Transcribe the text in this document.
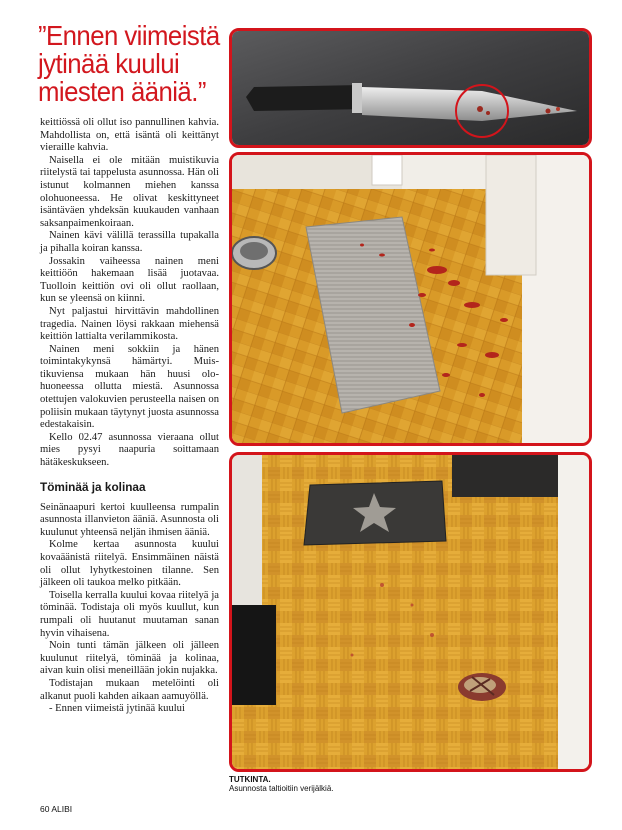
”Ennen viimeistä
jytinää kuului
miesten ääniä.”

keittiössä oli ollut iso pannullinen kahvia. Mahdollista on, että isäntä oli keittänyt vieraille kahvia.

Naisella ei ole mitään muistikuvia riitelystä tai tappelusta asunnossa. Hän oli istunut kolmannen miehen kanssa olohuoneessa. He olivat keskittyneet isäntäväen yhdeksän kuukauden vanhaan saksanpaimenkoiraan.

Nainen kävi välillä terassilla tupakalla ja pihalla koiran kanssa.

Jossakin vaiheessa nainen meni keittiöön hakemaan lisää juotavaa. Tuolloin keittiön ovi oli ollut raollaan, kun se yleensä on kiinni.

Nyt paljastui hirvittävin mahdollinen tragedia. Nainen löysi rakkaan miehensä keittiön lattialta verilammikosta.

Nainen meni sokkiin ja hänen toimintakykynsä hämärtyi. Muistikuviensa mukaan hän huusi olohuoneessa ollutta miestä. Asunnossa otettujen valokuvien perusteella naisen on poliisin mukaan täytynyt juosta asunnossa edestakaisin.

Kello 02.47 asunnossa vieraana ollut mies pysyi naapuria soittamaan hätäkeskukseen.

Töminää ja kolinaa

Seinänaapuri kertoi kuulleensa rumpalin asunnosta illanvieton ääniä. Asunnosta oli kuulunut yhteensä neljän ihmisen ääniä.

Kolme kertaa asunnosta kuului kovaäänistä riitelyä. Ensimmäinen näistä oli ollut lyhytkestoinen tilanne. Sen jälkeen oli taukoa melko pitkään.

Toisella kerralla kuului kovaa riitelyä ja töminää. Todistaja oli myös kuullut, kun rumpali oli huutanut muutaman sanan hyvin vihaisena.

Noin tunti tämän jälkeen oli jälleen kuulunut riitelyä, töminää ja kolinaa, aivan kuin olisi meneillään jokin nujakka.

Todistajan mukaan metelöinti oli alkanut puoli kahden aikaan aamuyöllä.

- Ennen viimeistä jytinää kuului

TUTKINTA.
Asunnosta taltioitiin verijälkiä.
60 ALIBI
